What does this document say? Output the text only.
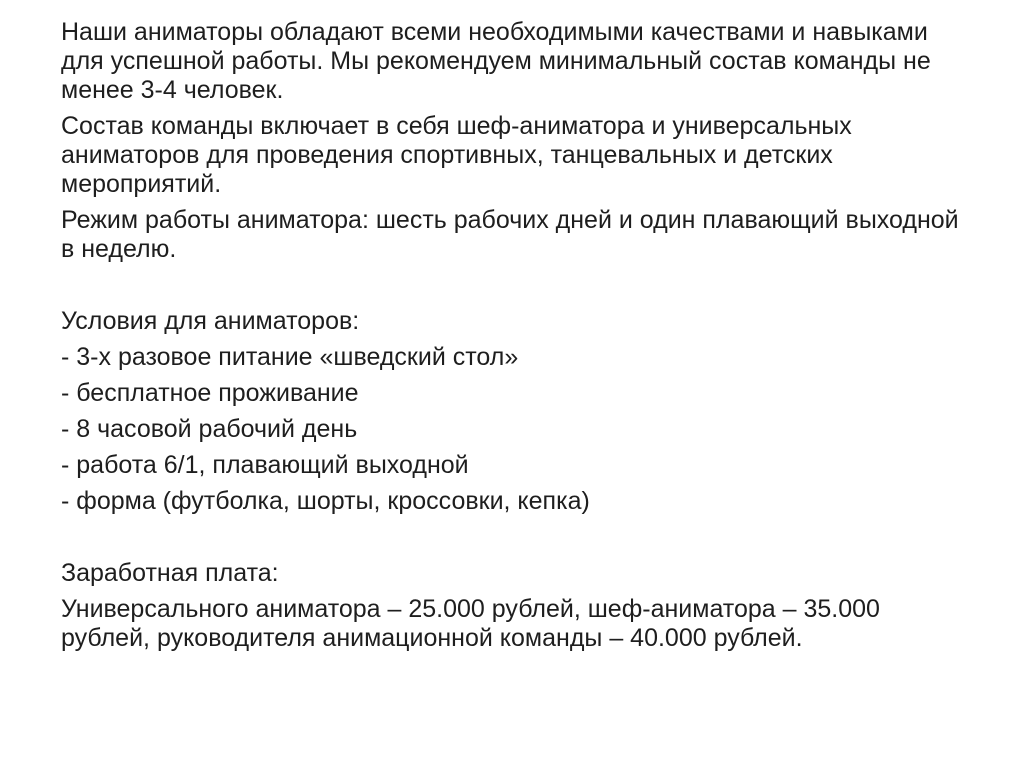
Наши аниматоры обладают всеми необходимыми качествами и навыками для успешной работы. Мы рекомендуем минимальный состав команды не менее 3-4 человек.

Состав команды включает в себя шеф-аниматора и универсальных аниматоров для проведения спортивных, танцевальных и детских мероприятий.

Режим работы аниматора: шесть рабочих дней и один плавающий выходной в неделю.

Условия для аниматоров:

- 3-х разовое питание «шведский стол»

- бесплатное проживание

- 8 часовой рабочий день

- работа 6/1, плавающий выходной

- форма (футболка, шорты, кроссовки, кепка)

Заработная плата:

Универсального аниматора – 25.000 рублей, шеф-аниматора – 35.000 рублей, руководителя анимационной команды – 40.000 рублей.
